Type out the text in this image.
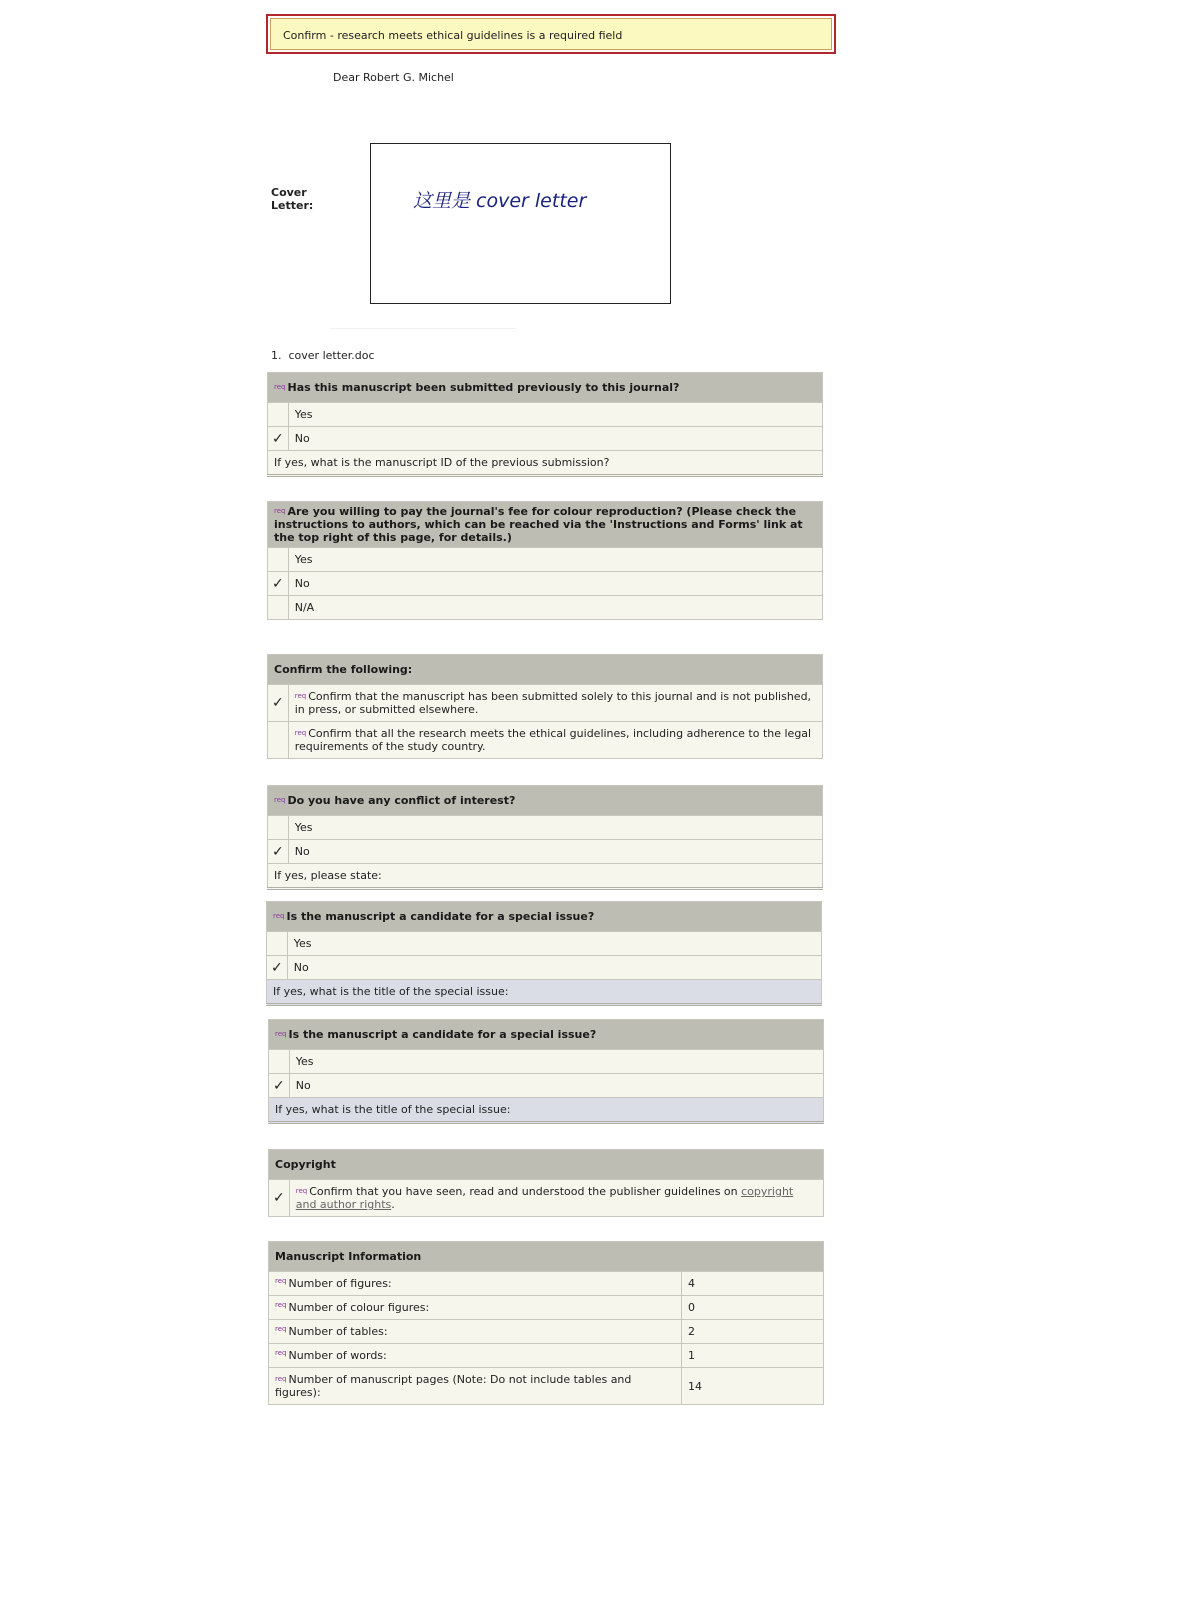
Confirm - research meets ethical guidelines is a required field
Dear Robert G. Michel
Cover
Letter:	这里是 cover letter
1. cover letter.doc
$^{req}$ Has this manuscript been submitted previously to this journal?	
	Yes
✓	No
If yes, what is the manuscript ID of the previous submission?	
$^{req}$ Are you willing to pay the journal's fee for colour reproduction? (Please check the instructions to authors, which can be reached via the 'Instructions and Forms' link at the top right of this page, for details.)	
	Yes
✓	No
	N/A
Confirm the following:	
✓	$^{req}$ Confirm that the manuscript has been submitted solely to this journal and is not published, in press, or submitted elsewhere.
	$^{req}$ Confirm that all the research meets the ethical guidelines, including adherence to the legal requirements of the study country.
$^{req}$ Do you have any conflict of interest?	
	Yes
✓	No
If yes, please state:	
$^{req}$ Is the manuscript a candidate for a special issue?	
	Yes
✓	No
If yes, what is the title of the special issue:	
$^{req}$ Is the manuscript a candidate for a special issue?	
	Yes
✓	No
If yes, what is the title of the special issue:	
Copyright
✓	$^{req}$ Confirm that you have seen, read and understood the publisher guidelines on copyright and author rights.
Manuscript Information	
$^{req}$ Number of figures:	4
$^{req}$ Number of colour figures:	0
$^{req}$ Number of tables:	2
$^{req}$ Number of words:	1
$^{req}$ Number of manuscript pages (Note: Do not include tables and figures):	14
